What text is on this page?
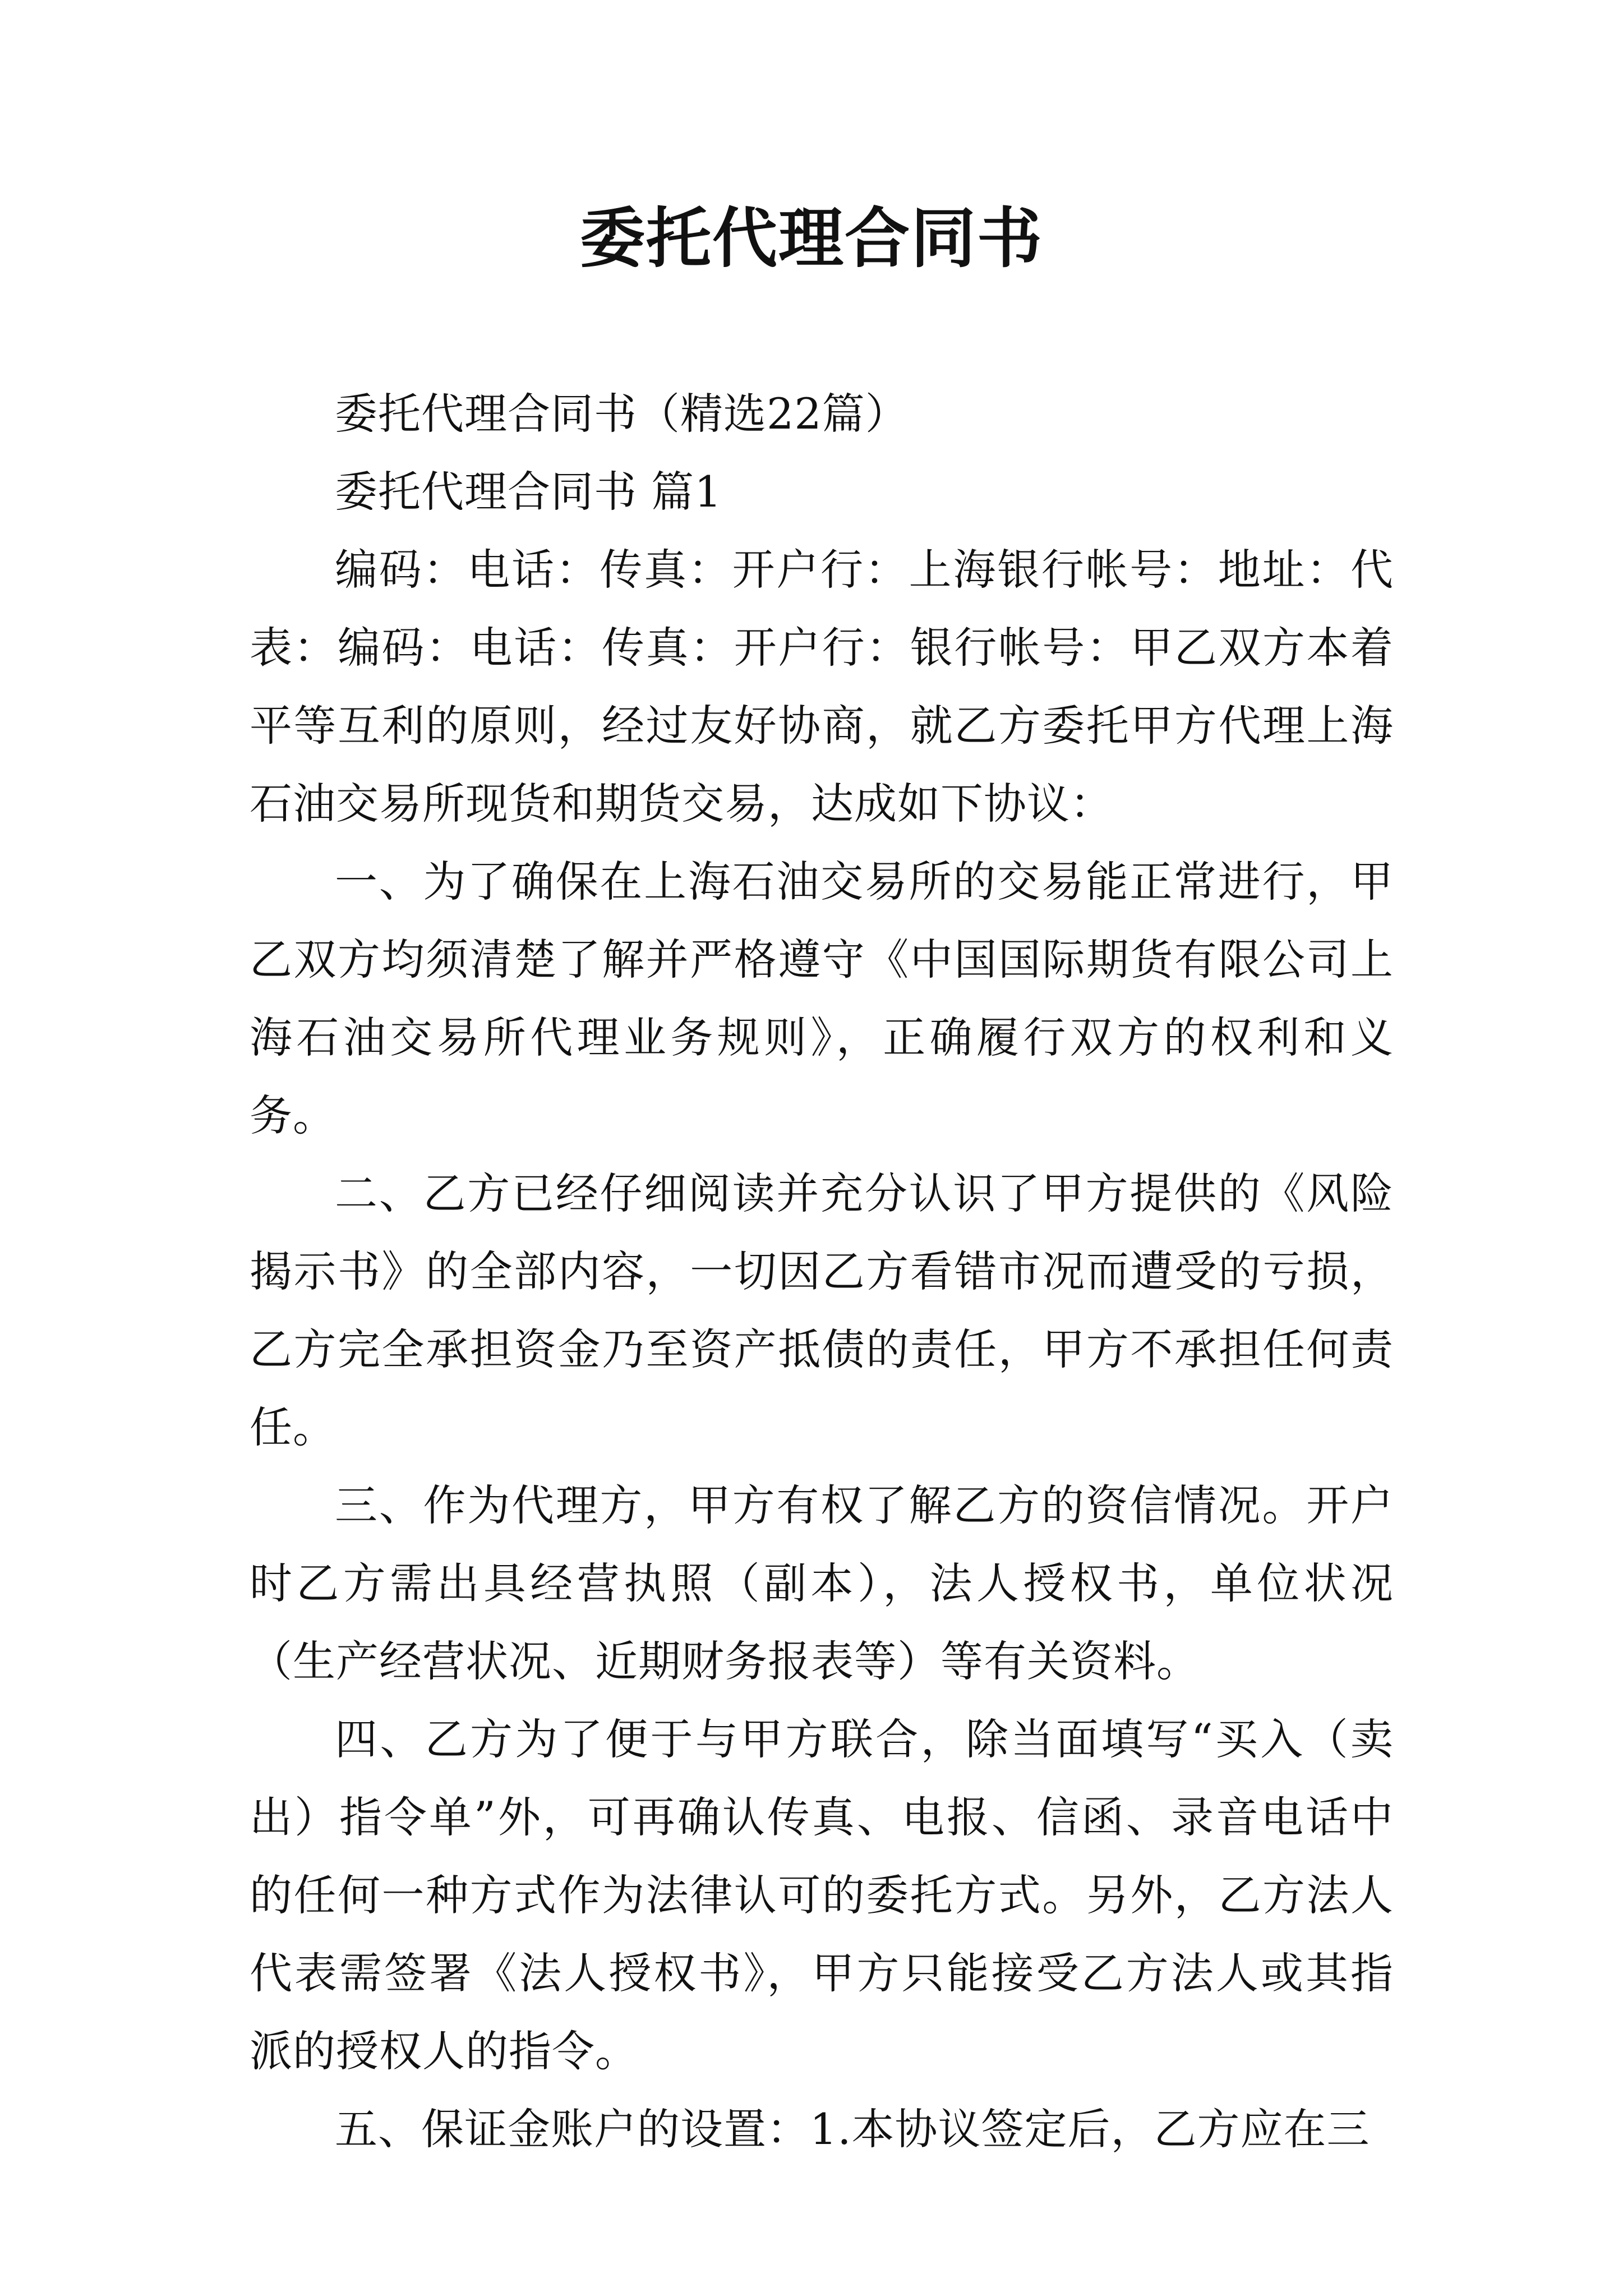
委托代理合同书

委托代理合同书（精选22篇）

委托代理合同书 篇1

编码：电话：传真：开户行：上海银行帐号：地址：代表：编码：电话：传真：开户行：银行帐号：甲乙双方本着平等互利的原则，经过友好协商，就乙方委托甲方代理上海石油交易所现货和期货交易，达成如下协议：

一、为了确保在上海石油交易所的交易能正常进行，甲乙双方均须清楚了解并严格遵守《中国国际期货有限公司上海石油交易所代理业务规则》，正确履行双方的权利和义务。

二、乙方已经仔细阅读并充分认识了甲方提供的《风险揭示书》的全部内容，一切因乙方看错市况而遭受的亏损，乙方完全承担资金乃至资产抵债的责任，甲方不承担任何责任。

三、作为代理方，甲方有权了解乙方的资信情况。开户时乙方需出具经营执照（副本），法人授权书，单位状况（生产经营状况、近期财务报表等）等有关资料。

四、乙方为了便于与甲方联合，除当面填写“买入（卖出）指令单”外，可再确认传真、电报、信函、录音电话中的任何一种方式作为法律认可的委托方式。另外，乙方法人代表需签署《法人授权书》，甲方只能接受乙方法人或其指派的授权人的指令。

五、保证金账户的设置：1.本协议签定后，乙方应在三
